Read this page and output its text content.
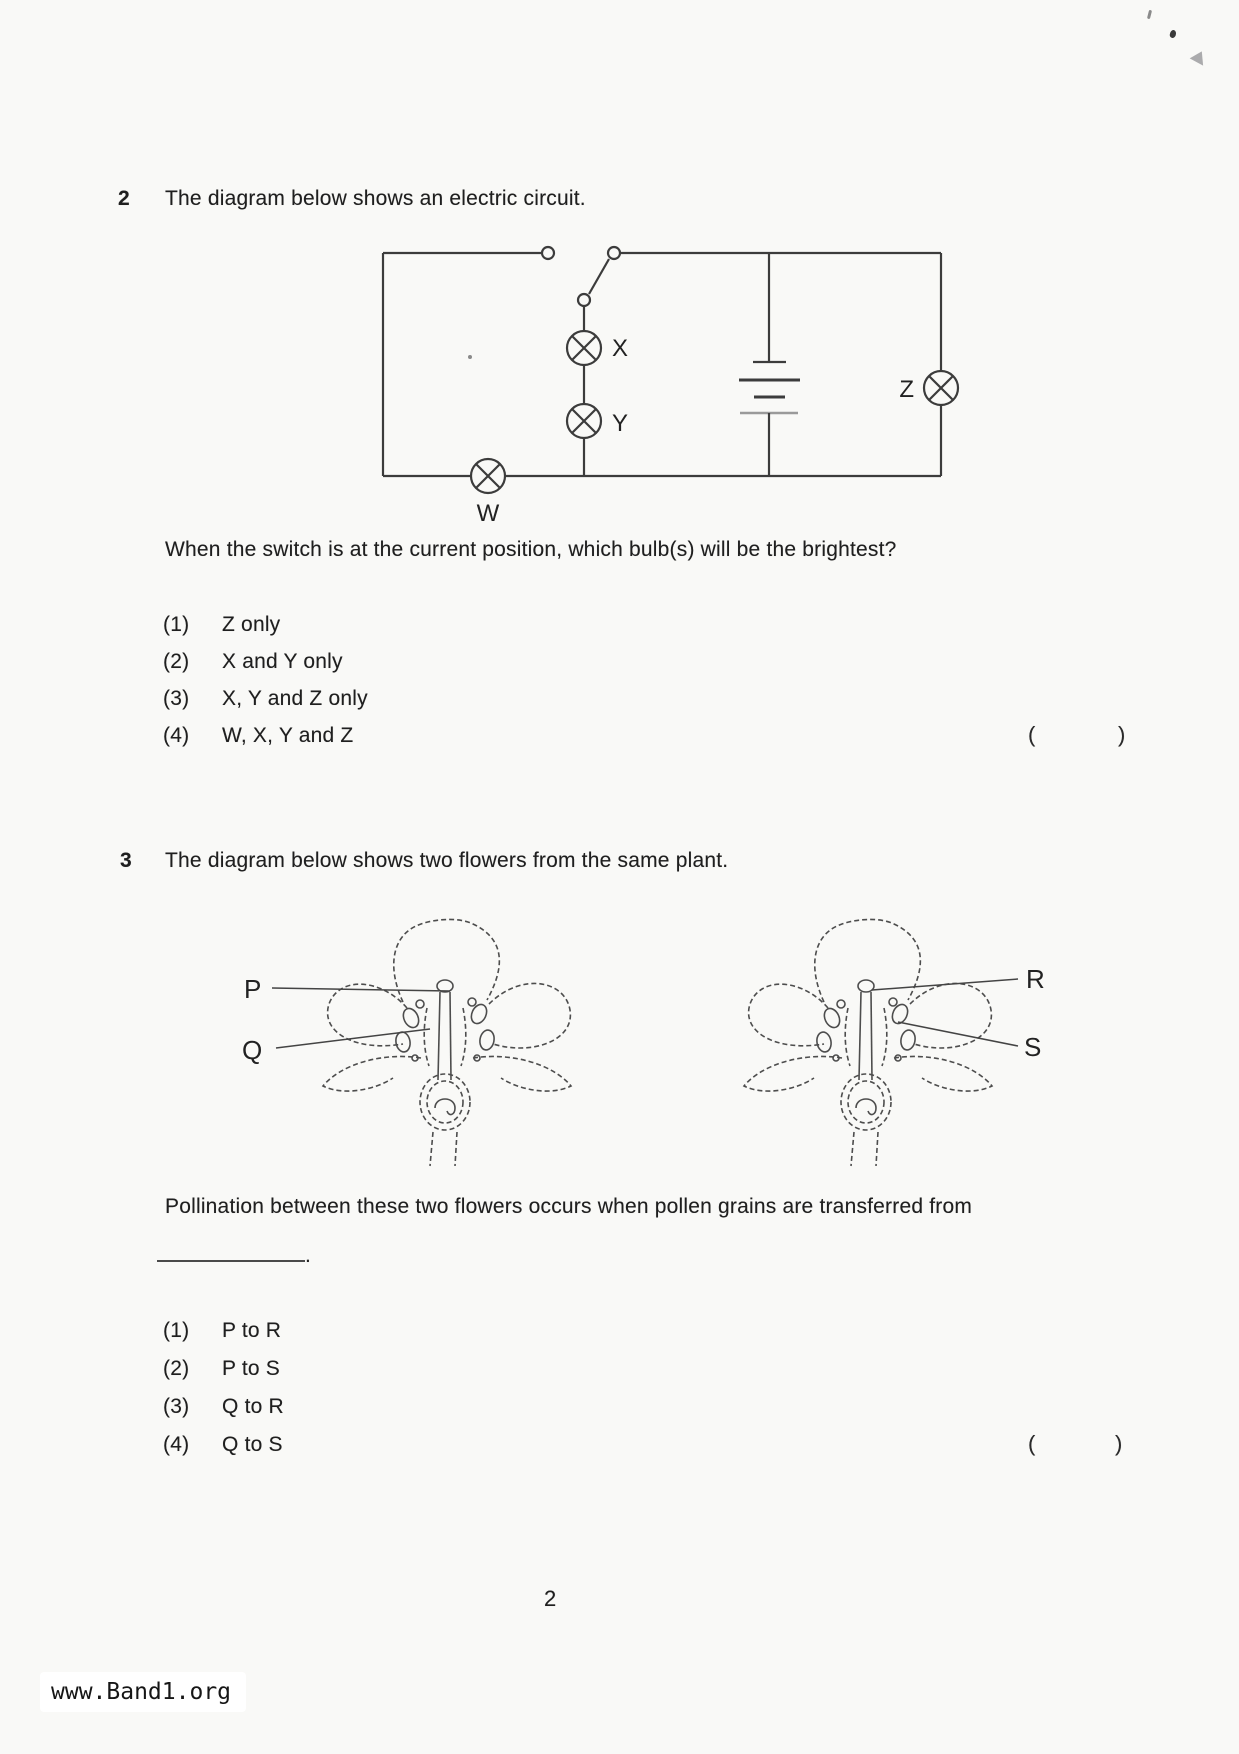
2 The diagram below shows an electric circuit.
X
Y
W
Z
When the switch is at the current position, which bulb(s) will be the brightest?
(1) Z only
(2) X and Y only
(3) X, Y and Z only
(4) W, X, Y and Z	(	)
3 The diagram below shows two flowers from the same plant.
P
Q
R
S
Pollination between these two flowers occurs when pollen grains are transferred from
.
(1) P to R
(2) P to S
(3) Q to R
(4) Q to S	(	)
2
www.Band1.org
